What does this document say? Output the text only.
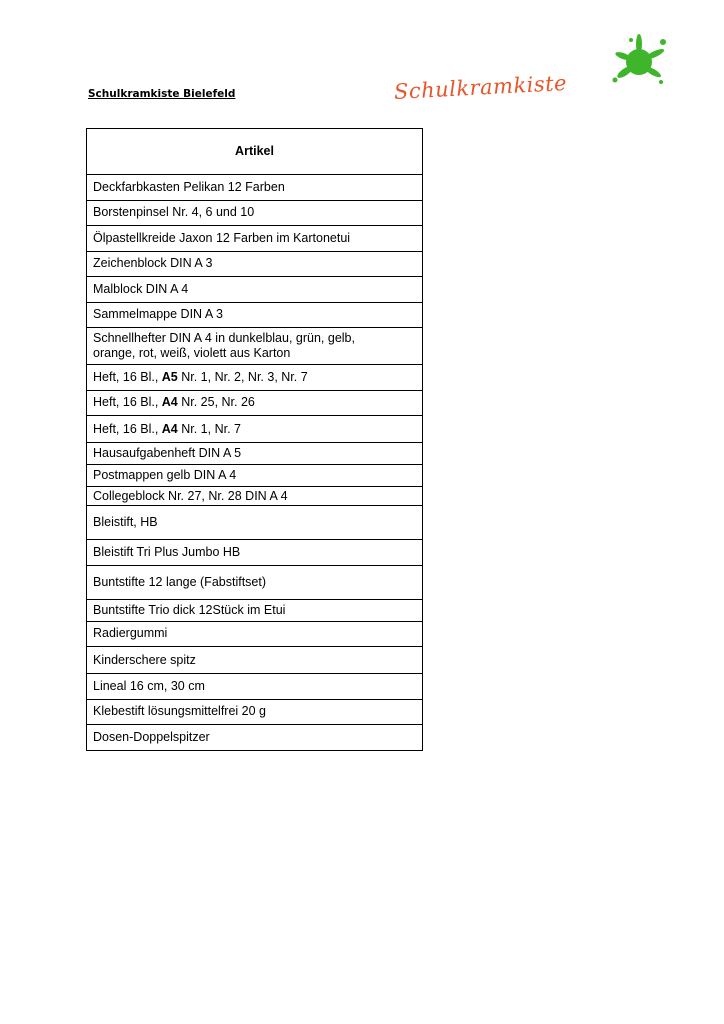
Schulkramkiste Bielefeld	Schulkramkiste
Artikel
Deckfarbkasten Pelikan 12 Farben
Borstenpinsel Nr. 4, 6 und 10
Ölpastellkreide Jaxon 12 Farben im Kartonetui
Zeichenblock DIN A 3
Malblock DIN A 4
Sammelmappe DIN A 3
Schnellhefter DIN A 4 in dunkelblau, grün, gelb,
orange, rot, weiß, violett aus Karton
Heft, 16 Bl., A5 Nr. 1, Nr. 2, Nr. 3, Nr. 7
Heft, 16 Bl., A4 Nr. 25, Nr. 26
Heft, 16 Bl., A4 Nr. 1, Nr. 7
Hausaufgabenheft DIN A 5
Postmappen gelb DIN A 4
Collegeblock Nr. 27, Nr. 28 DIN A 4
Bleistift, HB
Bleistift Tri Plus Jumbo HB
Buntstifte 12 lange (Fabstiftset)
Buntstifte Trio dick 12Stück im Etui
Radiergummi
Kinderschere spitz
Lineal 16 cm, 30 cm
Klebestift lösungsmittelfrei 20 g
Dosen-Doppelspitzer
